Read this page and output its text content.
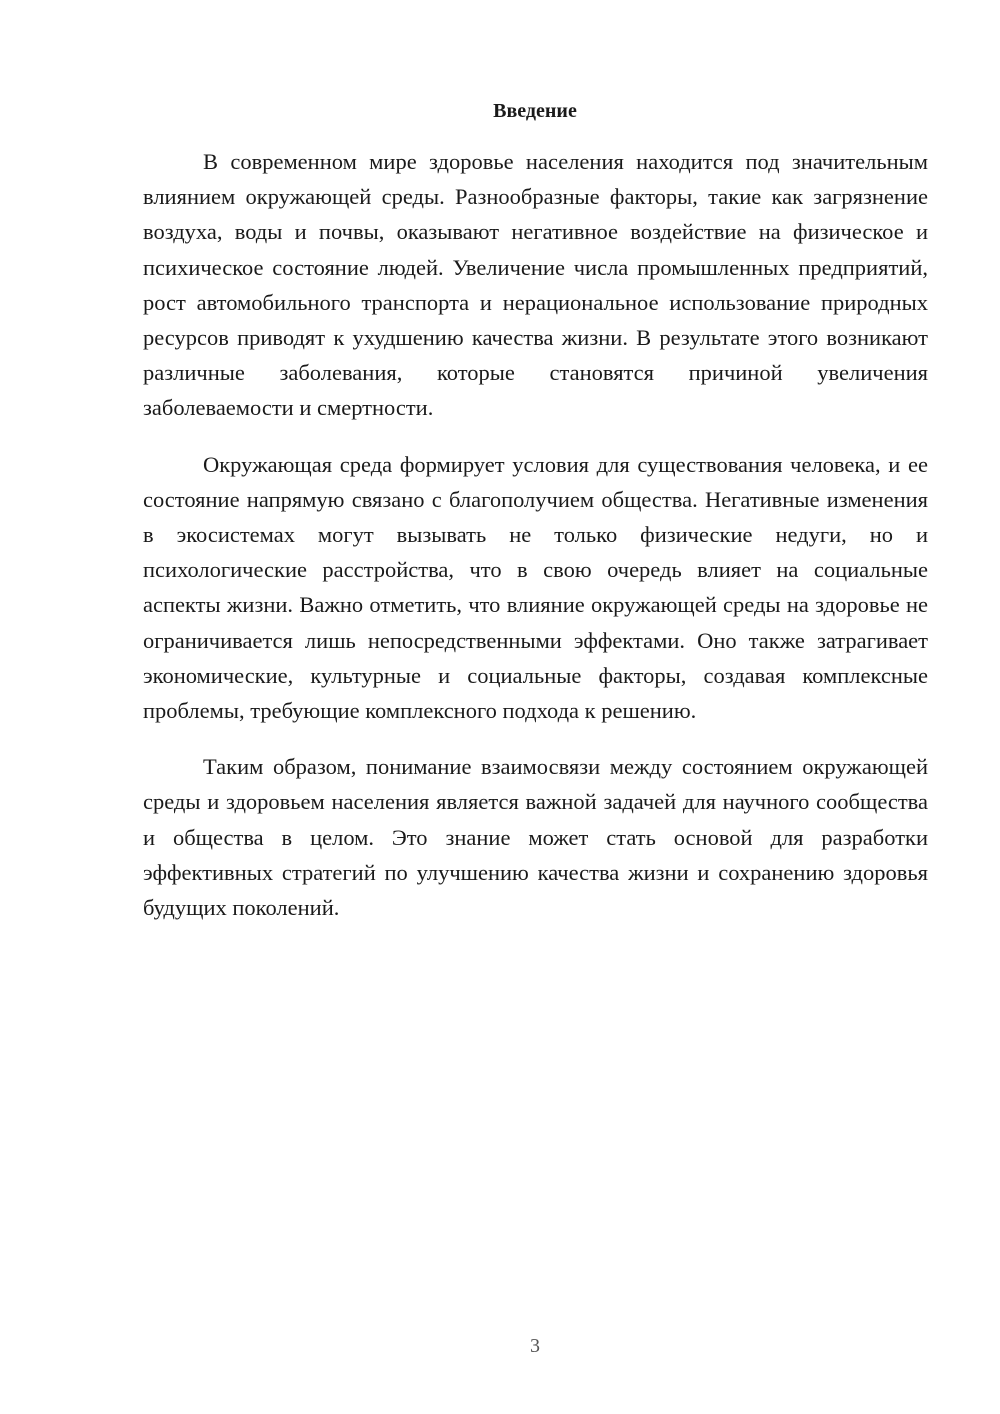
Введение

В современном мире здоровье населения находится под значительным влиянием окружающей среды. Разнообразные факторы, такие как загрязнение воздуха, воды и почвы, оказывают негативное воздействие на физическое и психическое состояние людей. Увеличение числа промышленных предприятий, рост автомобильного транспорта и нерациональное использование природных ресурсов приводят к ухудшению качества жизни. В результате этого возникают различные заболевания, которые становятся причиной увеличения заболеваемости и смертности.

Окружающая среда формирует условия для существования человека, и ее состояние напрямую связано с благополучием общества. Негативные изменения в экосистемах могут вызывать не только физические недуги, но и психологические расстройства, что в свою очередь влияет на социальные аспекты жизни. Важно отметить, что влияние окружающей среды на здоровье не ограничивается лишь непосредственными эффектами. Оно также затрагивает экономические, культурные и социальные факторы, создавая комплексные проблемы, требующие комплексного подхода к решению.

Таким образом, понимание взаимосвязи между состоянием окружающей среды и здоровьем населения является важной задачей для научного сообщества и общества в целом. Это знание может стать основой для разработки эффективных стратегий по улучшению качества жизни и сохранению здоровья будущих поколений.

3
